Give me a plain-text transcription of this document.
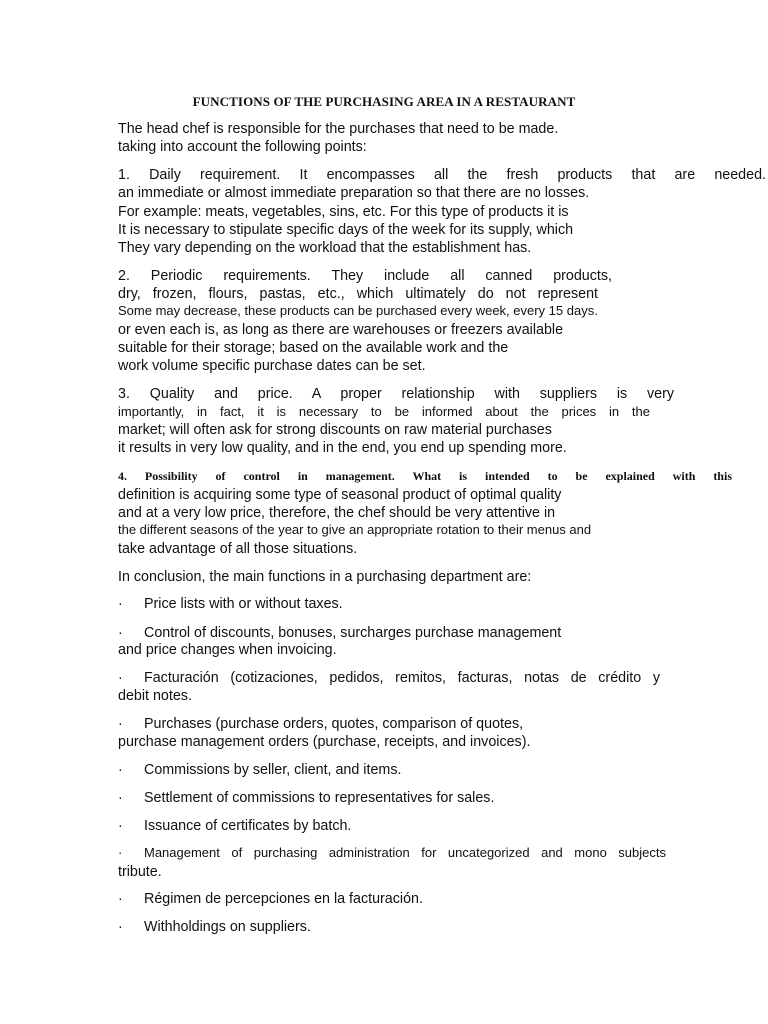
FUNCTIONS OF THE PURCHASING AREA IN A RESTAURANT
The head chef is responsible for the purchases that need to be made.
taking into account the following points:
1. Daily requirement. It encompasses all the fresh products that are needed.
an immediate or almost immediate preparation so that there are no losses.
For example: meats, vegetables, sins, etc. For this type of products it is
It is necessary to stipulate specific days of the week for its supply, which
They vary depending on the workload that the establishment has.
2. Periodic requirements. They include all canned products,
dry, frozen, flours, pastas, etc., which ultimately do not represent
Some may decrease, these products can be purchased every week, every 15 days.
or even each is, as long as there are warehouses or freezers available
suitable for their storage; based on the available work and the
work volume specific purchase dates can be set.
3. Quality and price. A proper relationship with suppliers is very
importantly, in fact, it is necessary to be informed about the prices in the
market; will often ask for strong discounts on raw material purchases
it results in very low quality, and in the end, you end up spending more.
4. Possibility of control in management. What is intended to be explained with this
definition is acquiring some type of seasonal product of optimal quality
and at a very low price, therefore, the chef should be very attentive in
the different seasons of the year to give an appropriate rotation to their menus and
take advantage of all those situations.
In conclusion, the main functions in a purchasing department are:
· Price lists with or without taxes.
· Control of discounts, bonuses, surcharges purchase management
and price changes when invoicing.
· Facturación (cotizaciones, pedidos, remitos, facturas, notas de crédito y
debit notes.
· Purchases (purchase orders, quotes, comparison of quotes,
purchase management orders (purchase, receipts, and invoices).
· Commissions by seller, client, and items.
· Settlement of commissions to representatives for sales.
· Issuance of certificates by batch.
· Management of purchasing administration for uncategorized and mono subjects
tribute.
· Régimen de percepciones en la facturación.
· Withholdings on suppliers.
